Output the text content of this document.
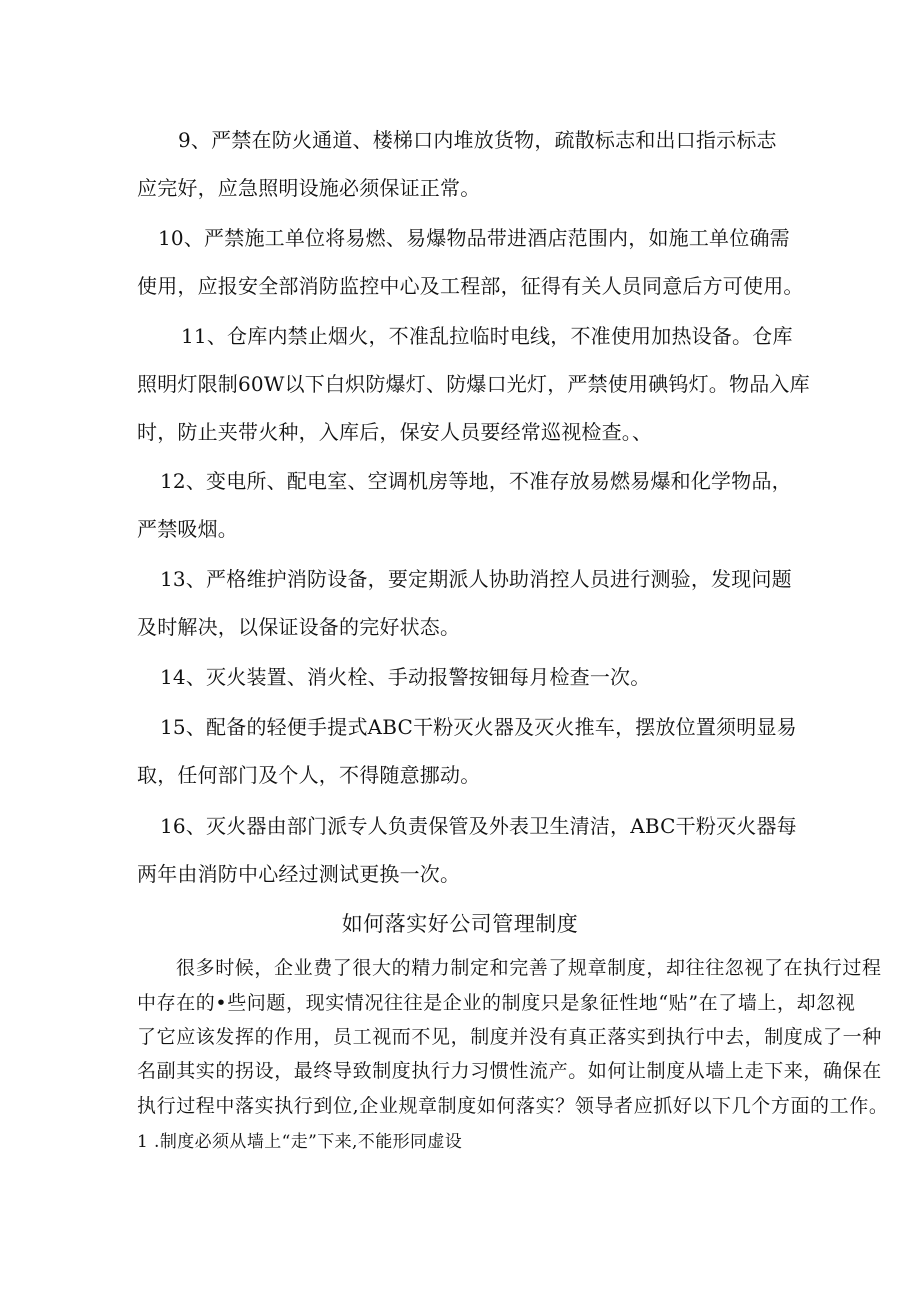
9、严禁在防火通道、楼梯口内堆放货物，疏散标志和出口指示标志
应完好，应急照明设施必须保证正常。
10、严禁施工单位将易燃、易爆物品带进酒店范围内，如施工单位确需
使用，应报安全部消防监控中心及工程部，征得有关人员同意后方可使用。
11、仓库内禁止烟火，不准乱拉临时电线，不准使用加热设备。仓库
照明灯限制60W以下白炽防爆灯、防爆口光灯，严禁使用碘钨灯。物品入库
时，防止夹带火种，入库后，保安人员要经常巡视检查。、
12、变电所、配电室、空调机房等地，不准存放易燃易爆和化学物品，
严禁吸烟。
13、严格维护消防设备，要定期派人协助消控人员进行测验，发现问题
及时解决，以保证设备的完好状态。
14、灭火装置、消火栓、手动报警按钿每月检查一次。
15、配备的轻便手提式ABC干粉灭火器及灭火推车，摆放位置须明显易
取，任何部门及个人，不得随意挪动。
16、灭火器由部门派专人负责保管及外表卫生清洁，ABC干粉灭火器每
两年由消防中心经过测试更换一次。
如何落实好公司管理制度
很多时候，企业费了很大的精力制定和完善了规章制度，却往往忽视了在执行过程
中存在的•些问题，现实情况往往是企业的制度只是象征性地“贴”在了墙上，却忽视
了它应该发挥的作用，员工视而不见，制度并没有真正落实到执行中去，制度成了一种
名副其实的拐设，最终导致制度执行力习惯性流产。如何让制度从墙上走下来，确保在
执行过程中落实执行到位,企业规章制度如何落实？领导者应抓好以下几个方面的工作。
1 .制度必须从墙上“走”下来,不能形同虚设
